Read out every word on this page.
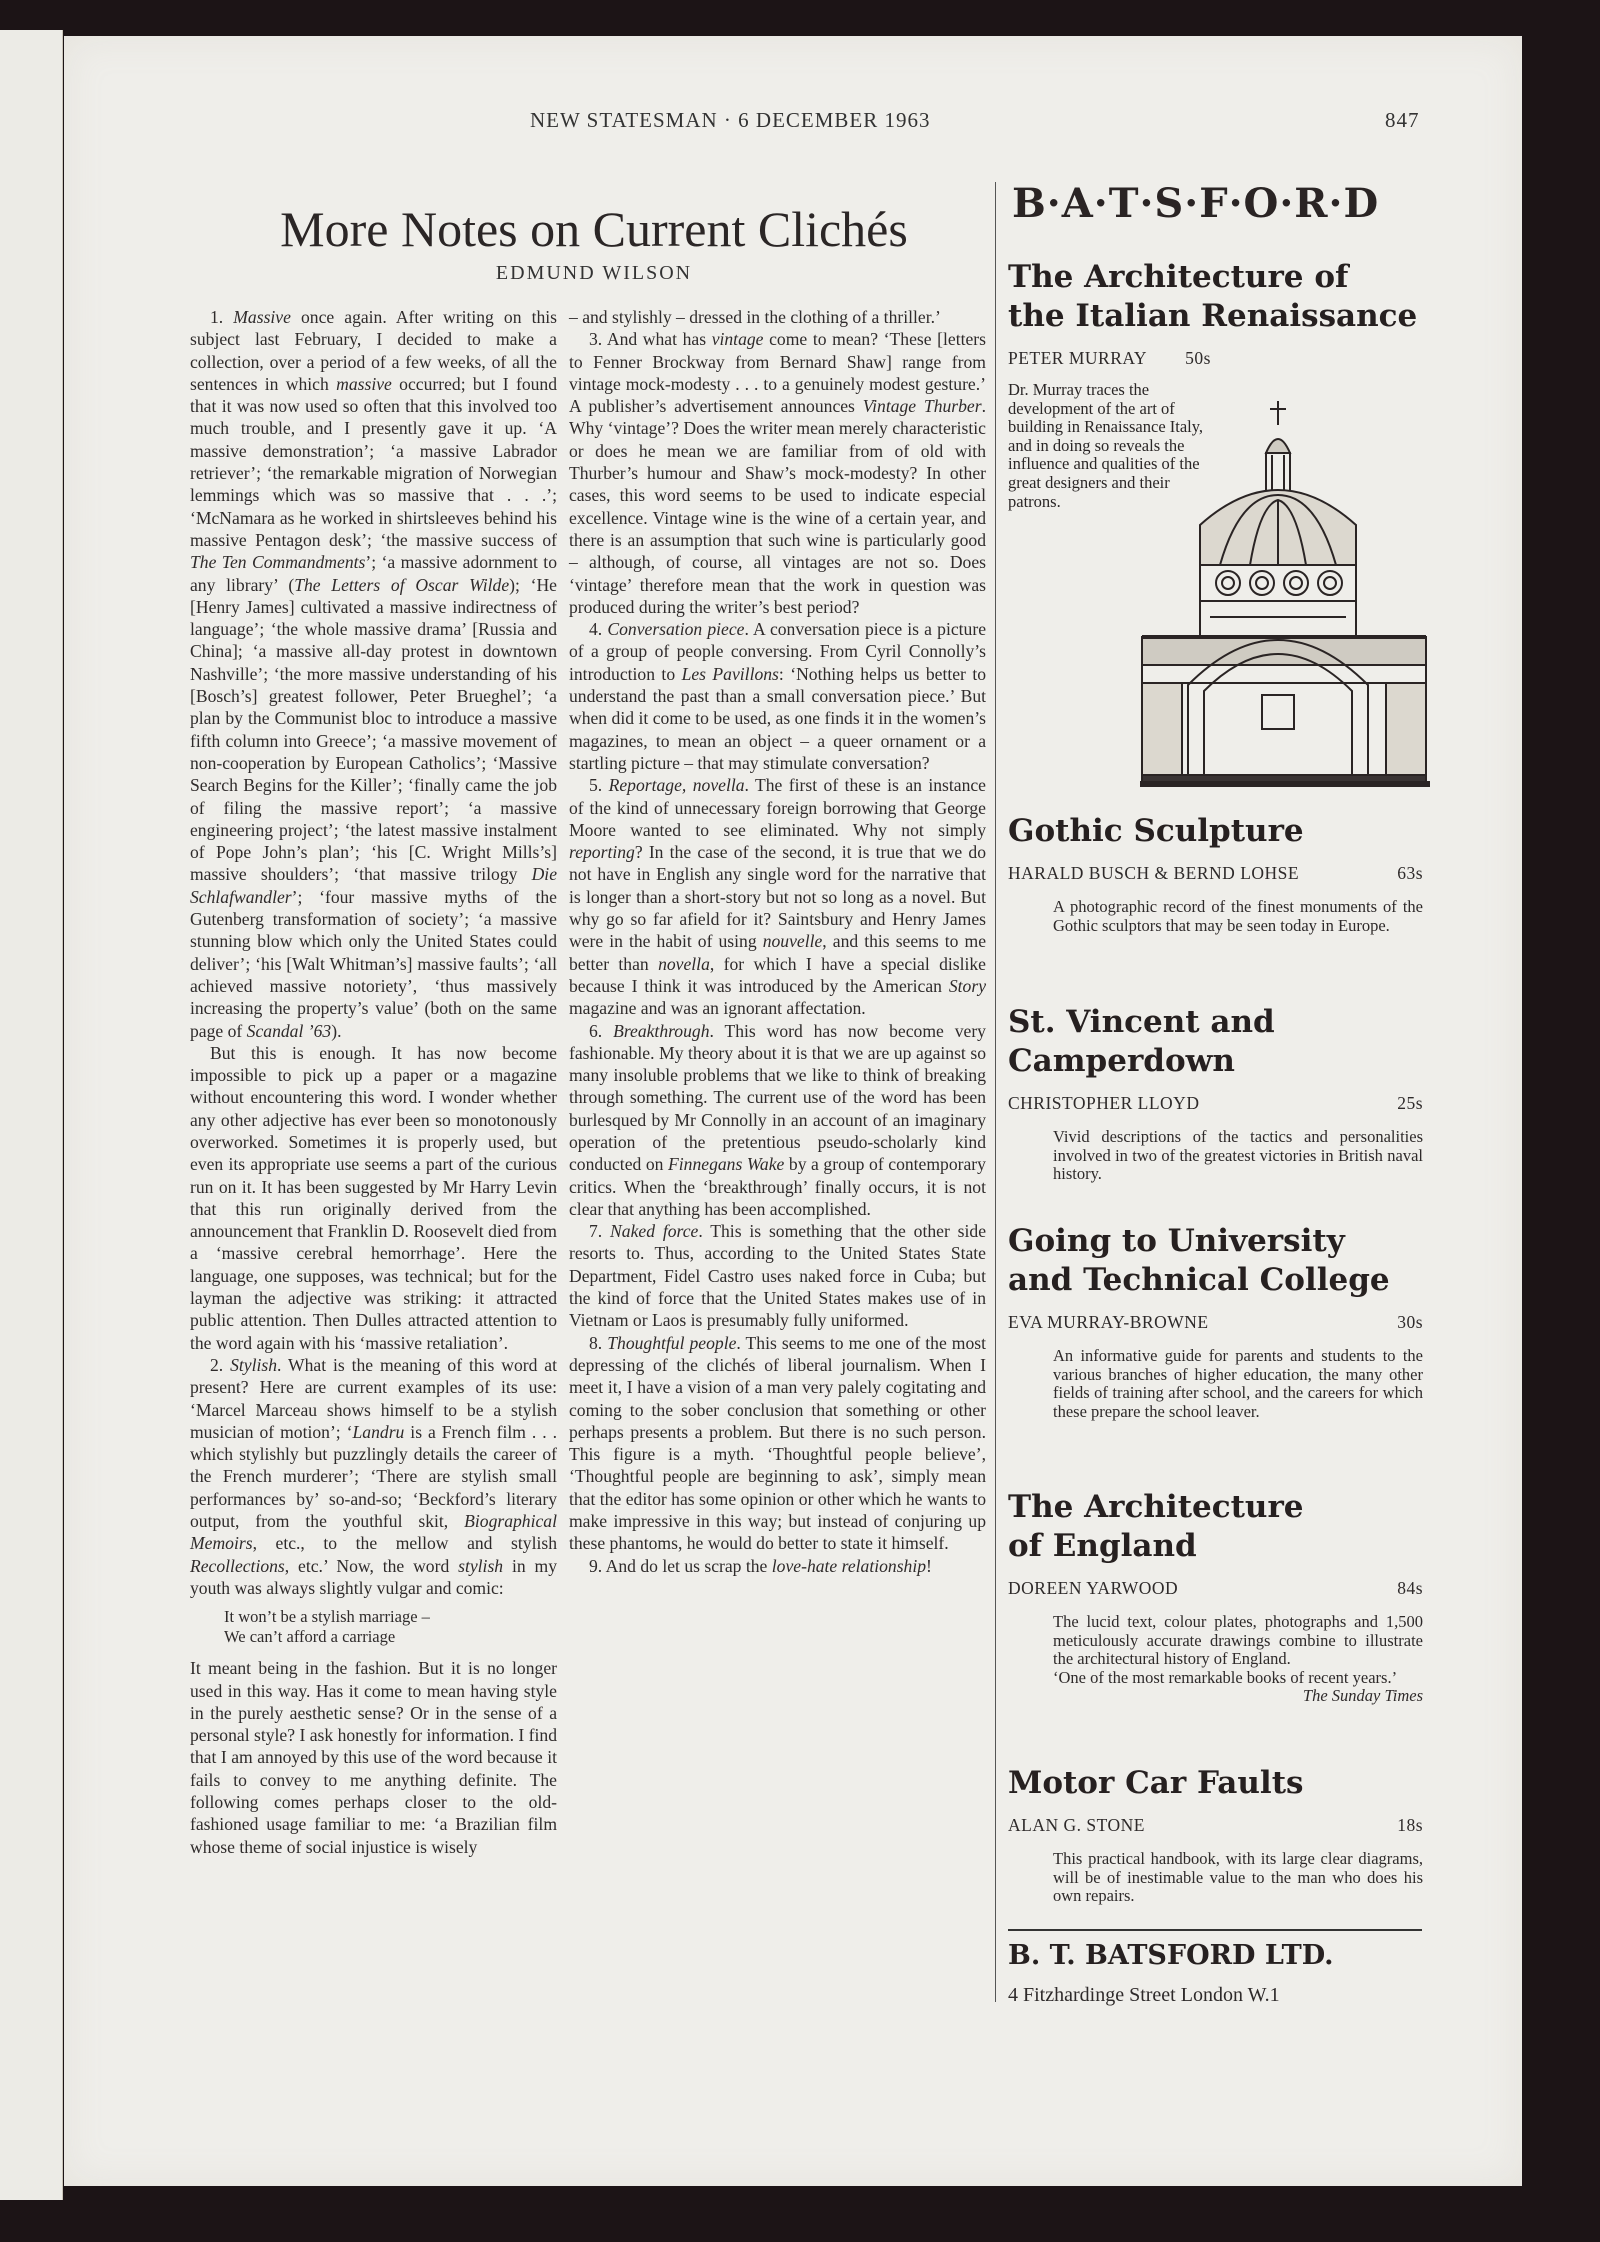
NEW STATESMAN · 6 DECEMBER 1963	847
More Notes on Current Clichés
EDMUND WILSON

1. Massive once again. After writing on this subject last February, I decided to make a collection, over a period of a few weeks, of all the sentences in which massive occurred; but I found that it was now used so often that this involved too much trouble, and I presently gave it up. ‘A massive demonstration’; ‘a massive Labrador retriever’; ‘the remarkable migration of Norwegian lemmings which was so massive that . . .’; ‘McNamara as he worked in shirtsleeves behind his massive Pentagon desk’; ‘the massive success of The Ten Commandments’; ‘a massive adornment to any library’ (The Letters of Oscar Wilde); ‘He [Henry James] cultivated a massive indirectness of language’; ‘the whole massive drama’ [Russia and China]; ‘a massive all-day protest in downtown Nashville’; ‘the more massive understanding of his [Bosch’s] greatest follower, Peter Brueghel’; ‘a plan by the Communist bloc to introduce a massive fifth column into Greece’; ‘a massive movement of non-cooperation by European Catholics’; ‘Massive Search Begins for the Killer’; ‘finally came the job of filing the massive report’; ‘a massive engineering project’; ‘the latest massive instalment of Pope John’s plan’; ‘his [C. Wright Mills’s] massive shoulders’; ‘that massive trilogy Die Schlafwandler’; ‘four massive myths of the Gutenberg transformation of society’; ‘a massive stunning blow which only the United States could deliver’; ‘his [Walt Whitman’s] massive faults’; ‘all achieved massive notoriety’, ‘thus massively increasing the property’s value’ (both on the same page of Scandal ’63).

But this is enough. It has now become impossible to pick up a paper or a magazine without encountering this word. I wonder whether any other adjective has ever been so monotonously overworked. Sometimes it is properly used, but even its appropriate use seems a part of the curious run on it. It has been suggested by Mr Harry Levin that this run originally derived from the announcement that Franklin D. Roosevelt died from a ‘massive cerebral hemorrhage’. Here the language, one supposes, was technical; but for the layman the adjective was striking: it attracted public attention. Then Dulles attracted attention to the word again with his ‘massive retaliation’.

2. Stylish. What is the meaning of this word at present? Here are current examples of its use: ‘Marcel Marceau shows himself to be a stylish musician of motion’; ‘Landru is a French film . . . which stylishly but puzzlingly details the career of the French murderer’; ‘There are stylish small performances by’ so-and-so; ‘Beckford’s literary output, from the youthful skit, Biographical Memoirs, etc., to the mellow and stylish Recollections, etc.’ Now, the word stylish in my youth was always slightly vulgar and comic:

It won’t be a stylish marriage –
We can’t afford a carriage

It meant being in the fashion. But it is no longer used in this way. Has it come to mean having style in the purely aesthetic sense? Or in the sense of a personal style? I ask honestly for information. I find that I am annoyed by this use of the word because it fails to convey to me anything definite. The following comes perhaps closer to the old-fashioned usage familiar to me: ‘a Brazilian film whose theme of social injustice is wisely

– and stylishly – dressed in the clothing of a thriller.’

3. And what has vintage come to mean? ‘These [letters to Fenner Brockway from Bernard Shaw] range from vintage mock-modesty . . . to a genuinely modest gesture.’ A publisher’s advertisement announces Vintage Thurber. Why ‘vintage’? Does the writer mean merely characteristic or does he mean we are familiar from of old with Thurber’s humour and Shaw’s mock-modesty? In other cases, this word seems to be used to indicate especial excellence. Vintage wine is the wine of a certain year, and there is an assumption that such wine is particularly good – although, of course, all vintages are not so. Does ‘vintage’ therefore mean that the work in question was produced during the writer’s best period?

4. Conversation piece. A conversation piece is a picture of a group of people conversing. From Cyril Connolly’s introduction to Les Pavillons: ‘Nothing helps us better to understand the past than a small conversation piece.’ But when did it come to be used, as one finds it in the women’s magazines, to mean an object – a queer ornament or a startling picture – that may stimulate conversation?

5. Reportage, novella. The first of these is an instance of the kind of unnecessary foreign borrowing that George Moore wanted to see eliminated. Why not simply reporting? In the case of the second, it is true that we do not have in English any single word for the narrative that is longer than a short-story but not so long as a novel. But why go so far afield for it? Saintsbury and Henry James were in the habit of using nouvelle, and this seems to me better than novella, for which I have a special dislike because I think it was introduced by the American Story magazine and was an ignorant affectation.

6. Breakthrough. This word has now become very fashionable. My theory about it is that we are up against so many insoluble problems that we like to think of breaking through something. The current use of the word has been burlesqued by Mr Connolly in an account of an imaginary operation of the pretentious pseudo-scholarly kind conducted on Finnegans Wake by a group of contemporary critics. When the ‘breakthrough’ finally occurs, it is not clear that anything has been accomplished.

7. Naked force. This is something that the other side resorts to. Thus, according to the United States State Department, Fidel Castro uses naked force in Cuba; but the kind of force that the United States makes use of in Vietnam or Laos is presumably fully uniformed.

8. Thoughtful people. This seems to me one of the most depressing of the clichés of liberal journalism. When I meet it, I have a vision of a man very palely cogitating and coming to the sober conclusion that something or other perhaps presents a problem. But there is no such person. This figure is a myth. ‘Thoughtful people believe’, ‘Thoughtful people are beginning to ask’, simply mean that the editor has some opinion or other which he wants to make impressive in this way; but instead of conjuring up these phantoms, he would do better to state it himself.

9. And do let us scrap the love-hate relationship!

B·A·T·S·F·O·R·D
The Architecture of
the Italian Renaissance
PETER MURRAY 50s
Dr. Murray traces the development of the art of building in Renaissance Italy, and in doing so reveals the influence and qualities of the great designers and their patrons.
Gothic Sculpture
HARALD BUSCH & BERND LOHSE	63s
A photographic record of the finest monuments of the Gothic sculptors that may be seen today in Europe.
St. Vincent and
Camperdown
CHRISTOPHER LLOYD	25s
Vivid descriptions of the tactics and personalities involved in two of the greatest victories in British naval history.
Going to University
and Technical College
EVA MURRAY-BROWNE	30s
An informative guide for parents and students to the various branches of higher education, the many other fields of training after school, and the careers for which these prepare the school leaver.
The Architecture
of England
DOREEN YARWOOD	84s
The lucid text, colour plates, photographs and 1,500 meticulously accurate drawings combine to illustrate the architectural history of England.
‘One of the most remarkable books of recent years.’
The Sunday Times
Motor Car Faults
ALAN G. STONE	18s
This practical handbook, with its large clear diagrams, will be of inestimable value to the man who does his own repairs.
B. T. BATSFORD LTD.
4 Fitzhardinge Street London W.1
